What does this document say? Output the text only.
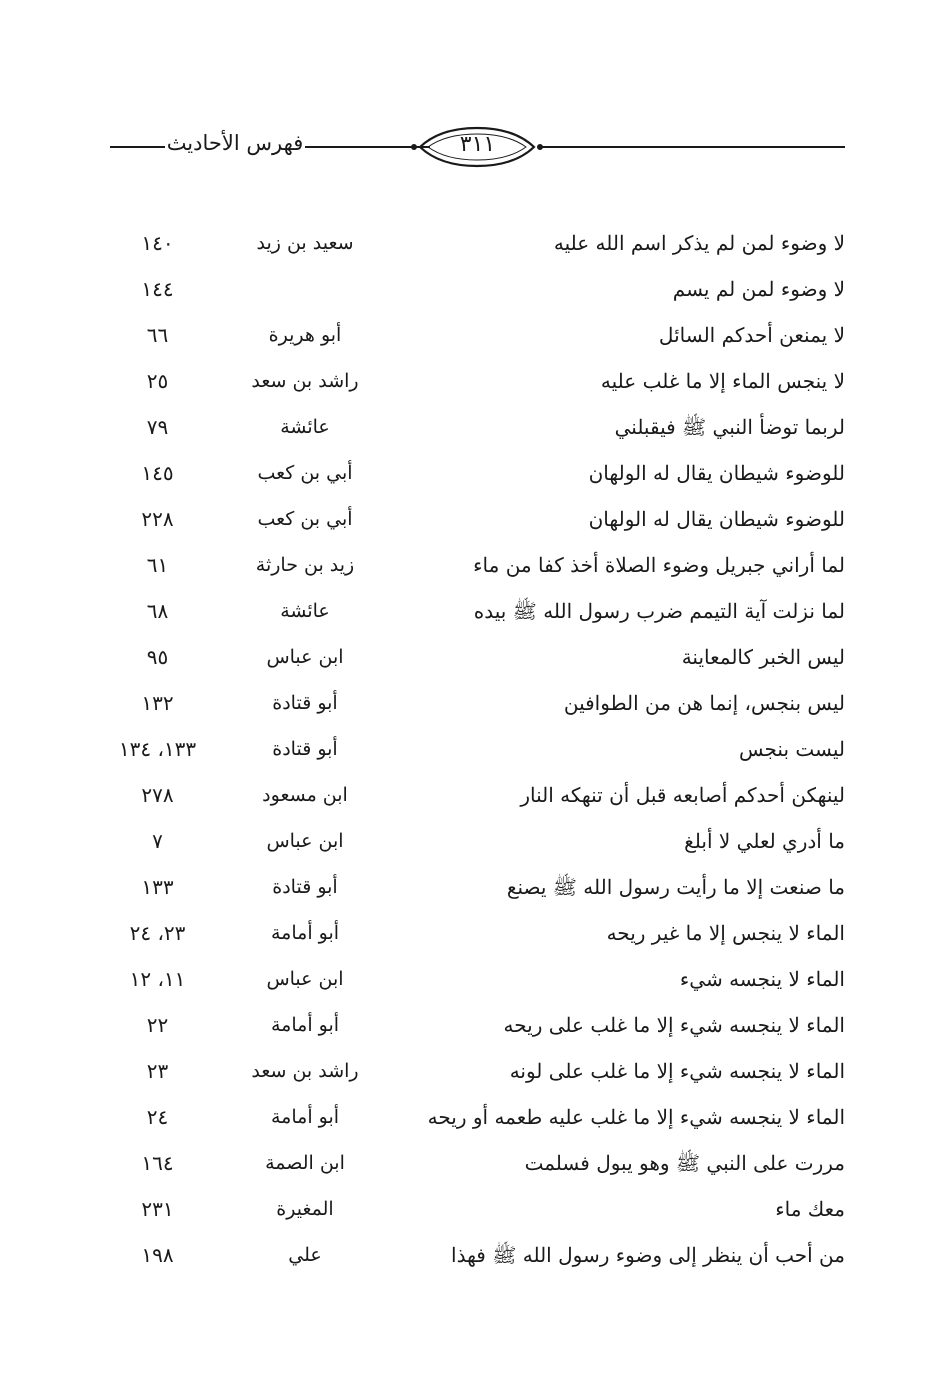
٣١١
فهرس الأحاديث
لا وضوء لمن لم يذكر اسم الله عليه
سعيد بن زيد
١٤٠
لا وضوء لمن لم يسم
١٤٤
لا يمنعن أحدكم السائل
أبو هريرة
٦٦
لا ينجس الماء إلا ما غلب عليه
راشد بن سعد
٢٥
لربما توضأ النبي ﷺ فيقبلني
عائشة
٧٩
للوضوء شيطان يقال له الولهان
أبي بن كعب
١٤٥
للوضوء شيطان يقال له الولهان
أبي بن كعب
٢٢٨
لما أراني جبريل وضوء الصلاة أخذ كفا من ماء
زيد بن حارثة
٦١
لما نزلت آية التيمم ضرب رسول الله ﷺ بيده
عائشة
٦٨
ليس الخبر كالمعاينة
ابن عباس
٩٥
ليس بنجس، إنما هن من الطوافين
أبو قتادة
١٣٢
ليست بنجس
أبو قتادة
١٣٣، ١٣٤
لينهكن أحدكم أصابعه قبل أن تنهكه النار
ابن مسعود
٢٧٨
ما أدري لعلي لا أبلغ
ابن عباس
٧
ما صنعت إلا ما رأيت رسول الله ﷺ يصنع
أبو قتادة
١٣٣
الماء لا ينجس إلا ما غير ريحه
أبو أمامة
٢٣، ٢٤
الماء لا ينجسه شيء
ابن عباس
١١، ١٢
الماء لا ينجسه شيء إلا ما غلب على ريحه
أبو أمامة
٢٢
الماء لا ينجسه شيء إلا ما غلب على لونه
راشد بن سعد
٢٣
الماء لا ينجسه شيء إلا ما غلب عليه طعمه أو ريحه
أبو أمامة
٢٤
مررت على النبي ﷺ وهو يبول فسلمت
ابن الصمة
١٦٤
معك ماء
المغيرة
٢٣١
من أحب أن ينظر إلى وضوء رسول الله ﷺ فهذا
علي
١٩٨
